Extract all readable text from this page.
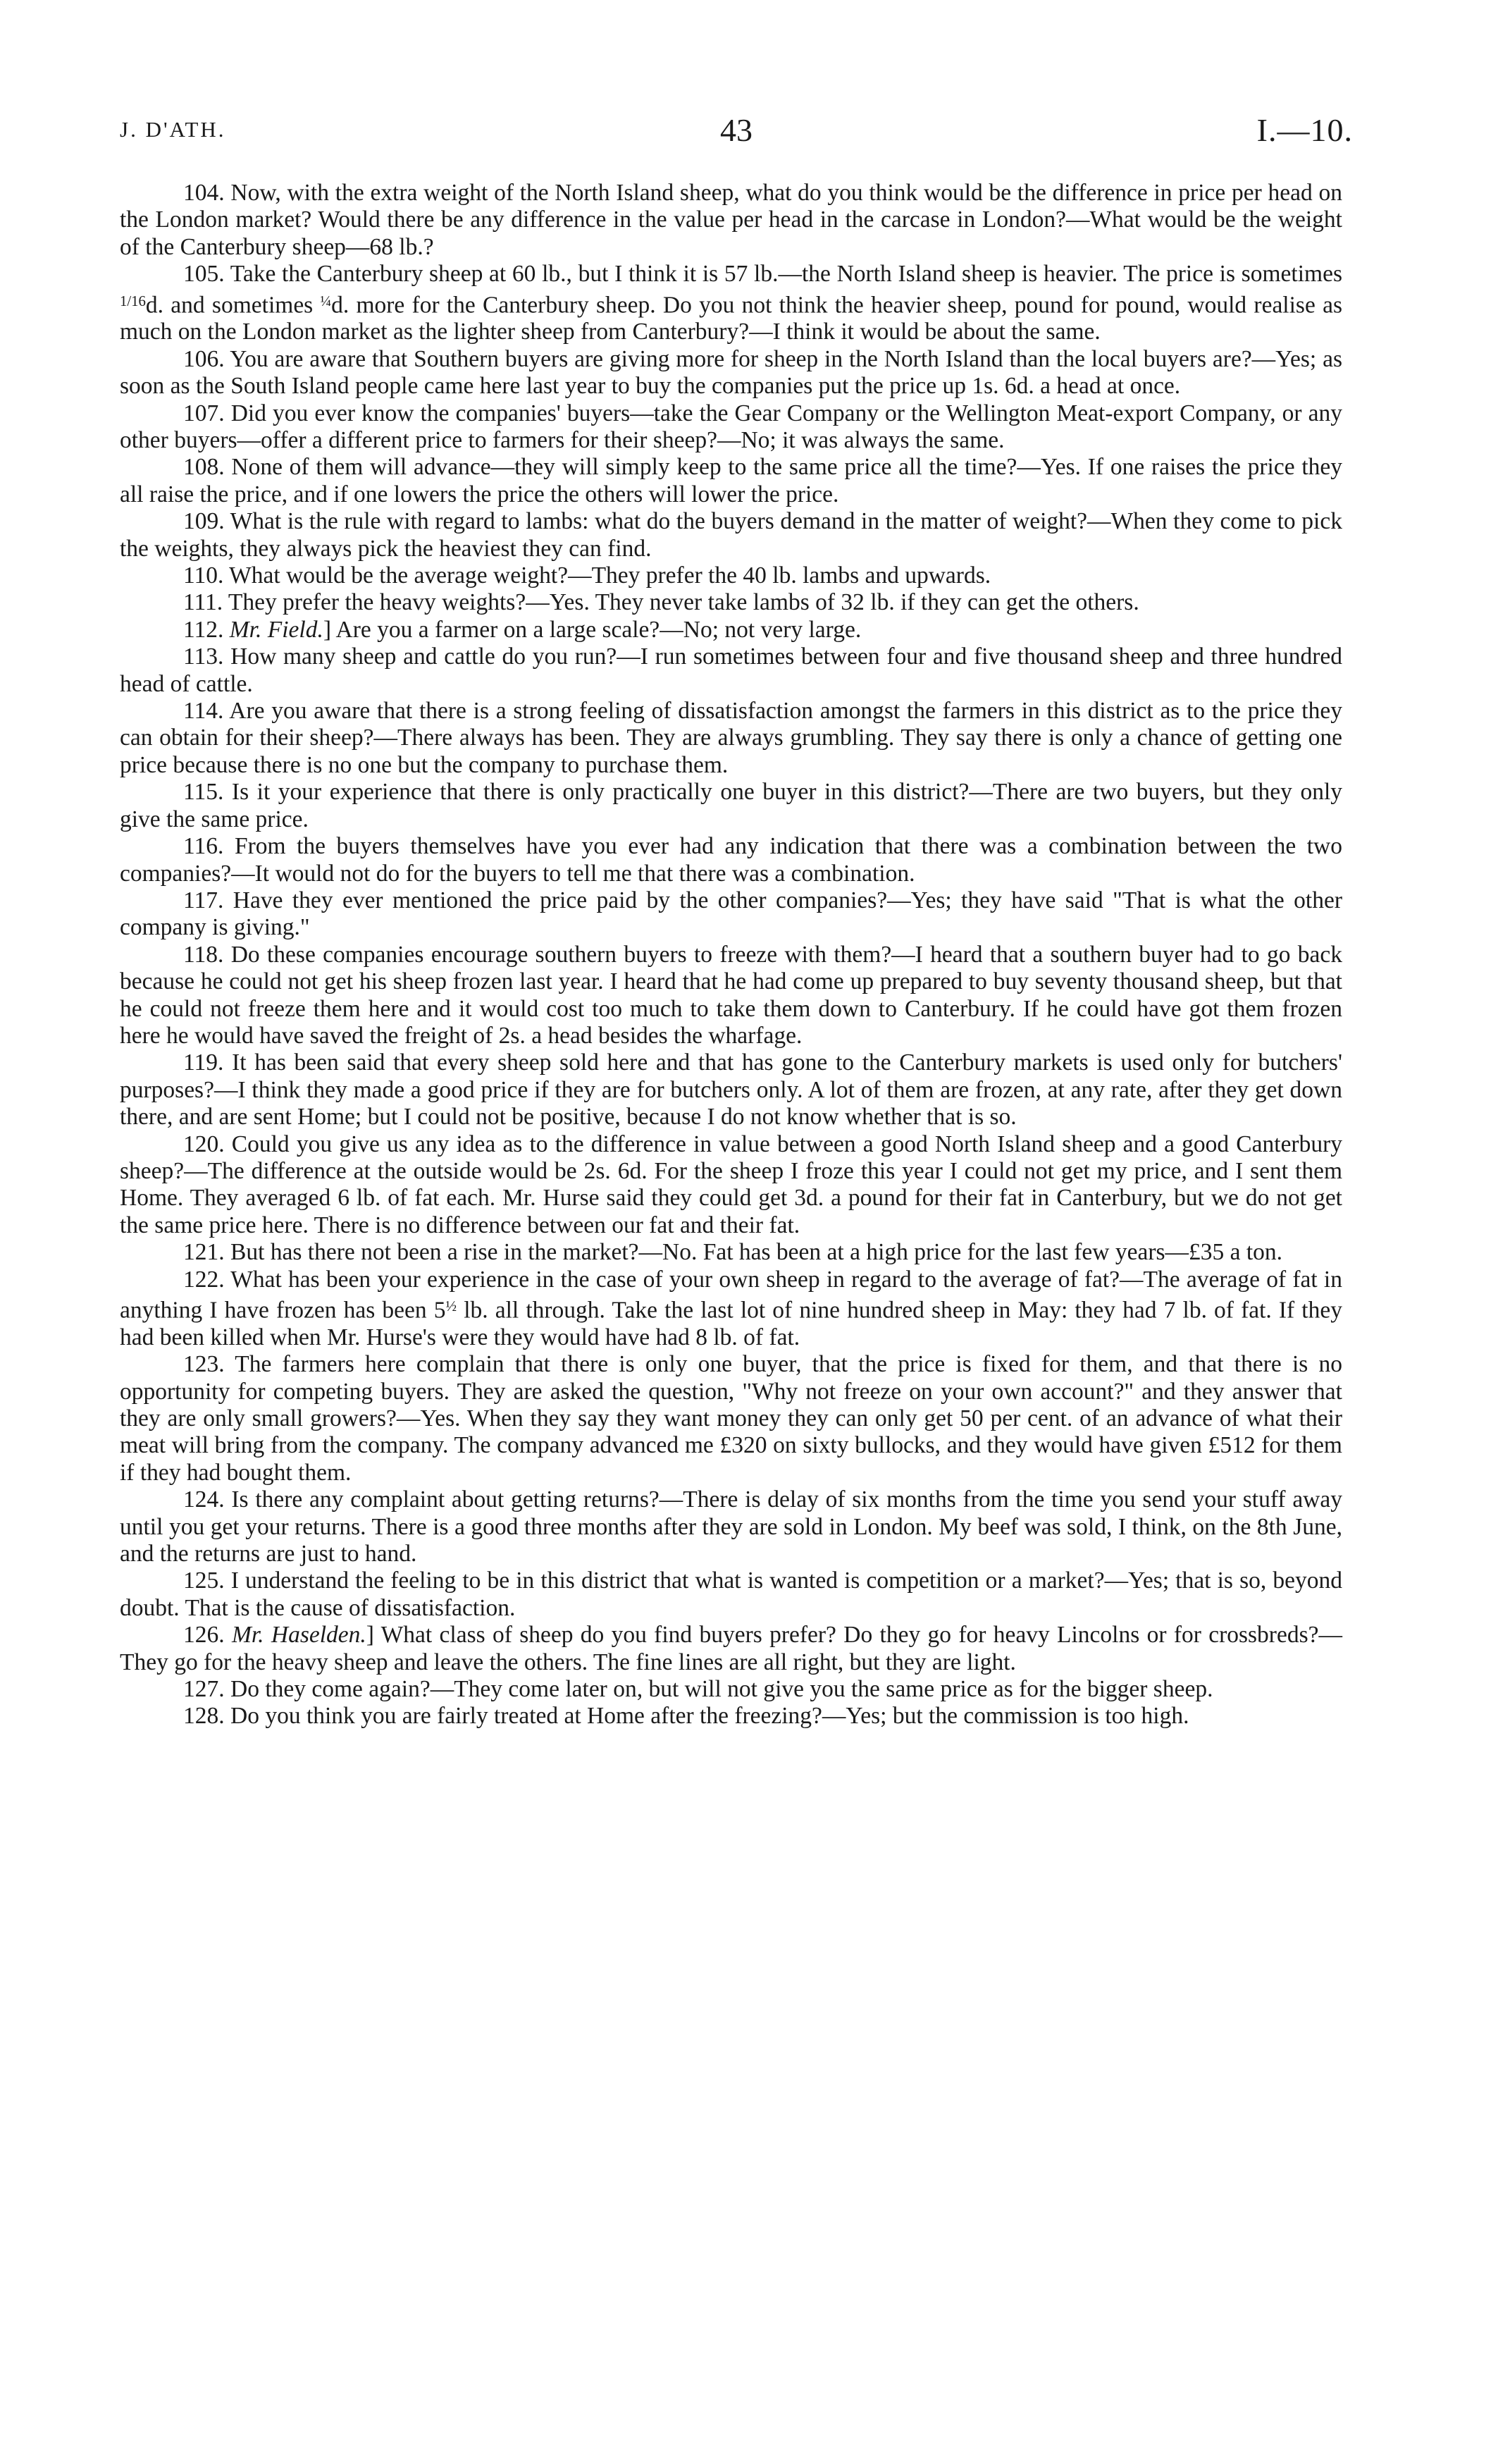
J. D'ATH.	43	I.—10.

104. Now, with the extra weight of the North Island sheep, what do you think would be the difference in price per head on the London market? Would there be any difference in the value per head in the carcase in London?—What would be the weight of the Canterbury sheep—68 lb.?

105. Take the Canterbury sheep at 60 lb., but I think it is 57 lb.—the North Island sheep is heavier. The price is sometimes $^{1/16}$d. and sometimes $^{\frac{1}{4}}$d. more for the Canterbury sheep. Do you not think the heavier sheep, pound for pound, would realise as much on the London market as the lighter sheep from Canterbury?—I think it would be about the same.

106. You are aware that Southern buyers are giving more for sheep in the North Island than the local buyers are?—Yes; as soon as the South Island people came here last year to buy the companies put the price up 1s. 6d. a head at once.

107. Did you ever know the companies' buyers—take the Gear Company or the Wellington Meat-export Company, or any other buyers—offer a different price to farmers for their sheep?—No; it was always the same.

108. None of them will advance—they will simply keep to the same price all the time?—Yes. If one raises the price they all raise the price, and if one lowers the price the others will lower the price.

109. What is the rule with regard to lambs: what do the buyers demand in the matter of weight?—When they come to pick the weights, they always pick the heaviest they can find.

110. What would be the average weight?—They prefer the 40 lb. lambs and upwards.

111. They prefer the heavy weights?—Yes. They never take lambs of 32 lb. if they can get the others.

112. Mr. Field.] Are you a farmer on a large scale?—No; not very large.

113. How many sheep and cattle do you run?—I run sometimes between four and five thousand sheep and three hundred head of cattle.

114. Are you aware that there is a strong feeling of dissatisfaction amongst the farmers in this district as to the price they can obtain for their sheep?—There always has been. They are always grumbling. They say there is only a chance of getting one price because there is no one but the company to purchase them.

115. Is it your experience that there is only practically one buyer in this district?—There are two buyers, but they only give the same price.

116. From the buyers themselves have you ever had any indication that there was a combination between the two companies?—It would not do for the buyers to tell me that there was a combination.

117. Have they ever mentioned the price paid by the other companies?—Yes; they have said "That is what the other company is giving."

118. Do these companies encourage southern buyers to freeze with them?—I heard that a southern buyer had to go back because he could not get his sheep frozen last year. I heard that he had come up prepared to buy seventy thousand sheep, but that he could not freeze them here and it would cost too much to take them down to Canterbury. If he could have got them frozen here he would have saved the freight of 2s. a head besides the wharfage.

119. It has been said that every sheep sold here and that has gone to the Canterbury markets is used only for butchers' purposes?—I think they made a good price if they are for butchers only. A lot of them are frozen, at any rate, after they get down there, and are sent Home; but I could not be positive, because I do not know whether that is so.

120. Could you give us any idea as to the difference in value between a good North Island sheep and a good Canterbury sheep?—The difference at the outside would be 2s. 6d. For the sheep I froze this year I could not get my price, and I sent them Home. They averaged 6 lb. of fat each. Mr. Hurse said they could get 3d. a pound for their fat in Canterbury, but we do not get the same price here. There is no difference between our fat and their fat.

121. But has there not been a rise in the market?—No. Fat has been at a high price for the last few years—£35 a ton.

122. What has been your experience in the case of your own sheep in regard to the average of fat?—The average of fat in anything I have frozen has been $5^{\frac{1}{2}}$ lb. all through. Take the last lot of nine hundred sheep in May: they had 7 lb. of fat. If they had been killed when Mr. Hurse's were they would have had 8 lb. of fat.

123. The farmers here complain that there is only one buyer, that the price is fixed for them, and that there is no opportunity for competing buyers. They are asked the question, "Why not freeze on your own account?" and they answer that they are only small growers?—Yes. When they say they want money they can only get 50 per cent. of an advance of what their meat will bring from the company. The company advanced me £320 on sixty bullocks, and they would have given £512 for them if they had bought them.

124. Is there any complaint about getting returns?—There is delay of six months from the time you send your stuff away until you get your returns. There is a good three months after they are sold in London. My beef was sold, I think, on the 8th June, and the returns are just to hand.

125. I understand the feeling to be in this district that what is wanted is competition or a market?—Yes; that is so, beyond doubt. That is the cause of dissatisfaction.

126. Mr. Haselden.] What class of sheep do you find buyers prefer? Do they go for heavy Lincolns or for crossbreds?—They go for the heavy sheep and leave the others. The fine lines are all right, but they are light.

127. Do they come again?—They come later on, but will not give you the same price as for the bigger sheep.

128. Do you think you are fairly treated at Home after the freezing?—Yes; but the commission is too high.
